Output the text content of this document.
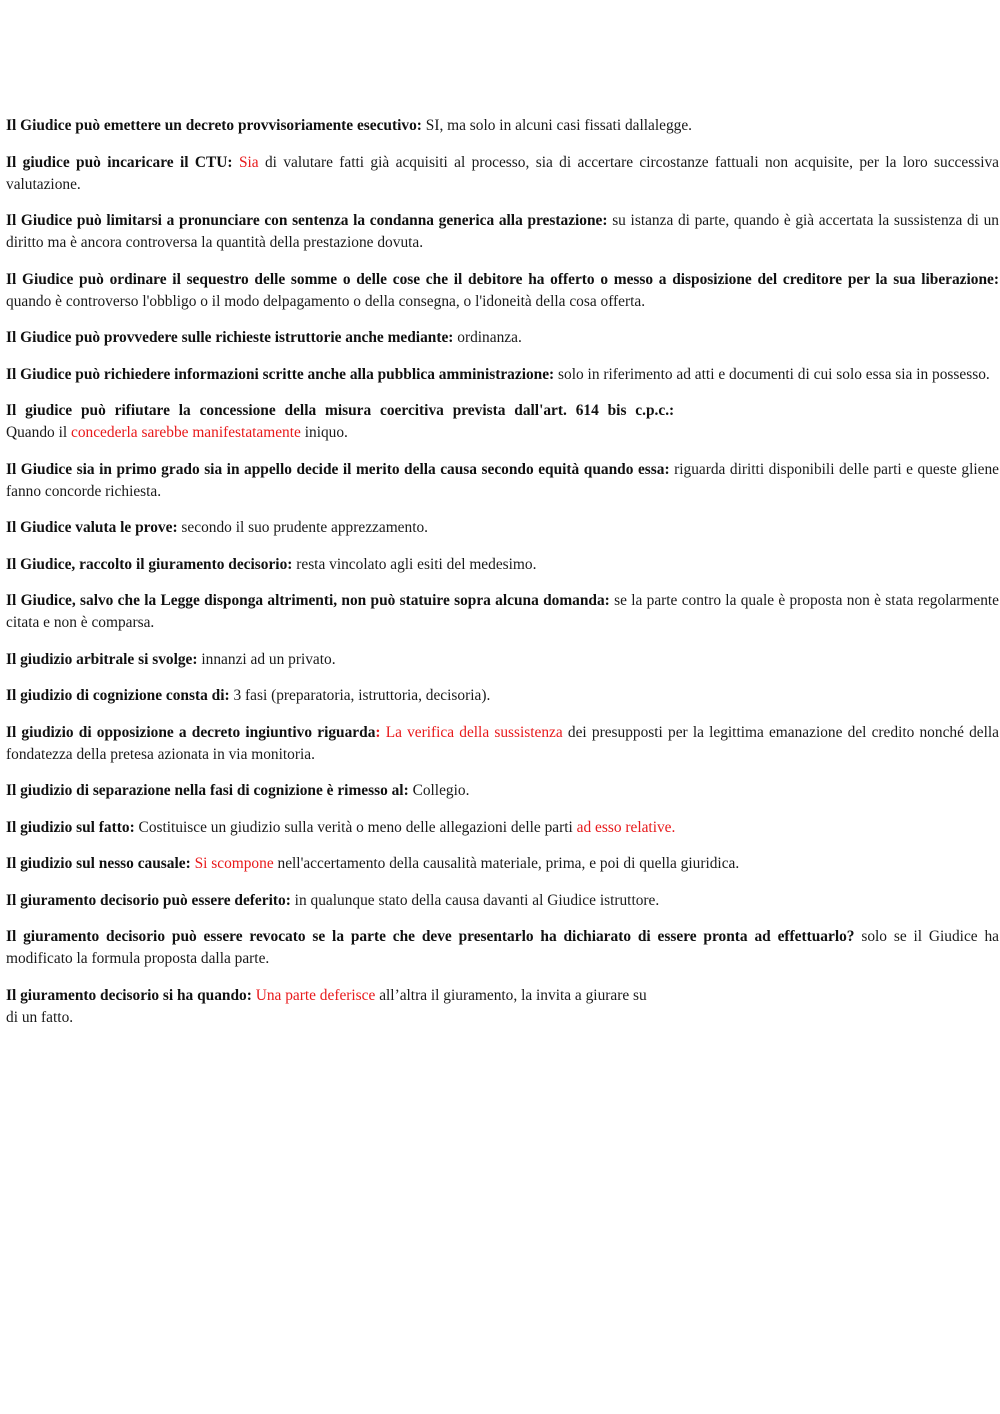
Il Giudice può emettere un decreto provvisoriamente esecutivo: SI, ma solo in alcuni casi fissati dallalegge.

Il giudice può incaricare il CTU: Sia di valutare fatti già acquisiti al processo, sia di accertare circostanze fattuali non acquisite, per la loro successiva valutazione.

Il Giudice può limitarsi a pronunciare con sentenza la condanna generica alla prestazione: su istanza di parte, quando è già accertata la sussistenza di un diritto ma è ancora controversa la quantità della prestazione dovuta.

Il Giudice può ordinare il sequestro delle somme o delle cose che il debitore ha offerto o messo a disposizione del creditore per la sua liberazione: quando è controverso l'obbligo o il modo delpagamento o della consegna, o l'idoneità della cosa offerta.

Il Giudice può provvedere sulle richieste istruttorie anche mediante: ordinanza.

Il Giudice può richiedere informazioni scritte anche alla pubblica amministrazione: solo in riferimento ad atti e documenti di cui solo essa sia in possesso.

Il giudice può rifiutare la concessione della misura coercitiva prevista dall'art. 614 bis c.p.c.:
Quando il concederla sarebbe manifestatamente iniquo.

Il Giudice sia in primo grado sia in appello decide il merito della causa secondo equità quando essa: riguarda diritti disponibili delle parti e queste gliene fanno concorde richiesta.

Il Giudice valuta le prove: secondo il suo prudente apprezzamento.

Il Giudice, raccolto il giuramento decisorio: resta vincolato agli esiti del medesimo.

Il Giudice, salvo che la Legge disponga altrimenti, non può statuire sopra alcuna domanda: se la parte contro la quale è proposta non è stata regolarmente citata e non è comparsa.

Il giudizio arbitrale si svolge: innanzi ad un privato.

Il giudizio di cognizione consta di: 3 fasi (preparatoria, istruttoria, decisoria).

Il giudizio di opposizione a decreto ingiuntivo riguarda: La verifica della sussistenza dei presupposti per la legittima emanazione del credito nonché della fondatezza della pretesa azionata in via monitoria.

Il giudizio di separazione nella fasi di cognizione è rimesso al: Collegio.

Il giudizio sul fatto: Costituisce un giudizio sulla verità o meno delle allegazioni delle parti ad esso relative.

Il giudizio sul nesso causale: Si scompone nell'accertamento della causalità materiale, prima, e poi di quella giuridica.

Il giuramento decisorio può essere deferito: in qualunque stato della causa davanti al Giudice istruttore.

Il giuramento decisorio può essere revocato se la parte che deve presentarlo ha dichiarato di essere pronta ad effettuarlo? solo se il Giudice ha modificato la formula proposta dalla parte.

Il giuramento decisorio si ha quando: Una parte deferisce all’altra il giuramento, la invita a giurare su
di un fatto.
